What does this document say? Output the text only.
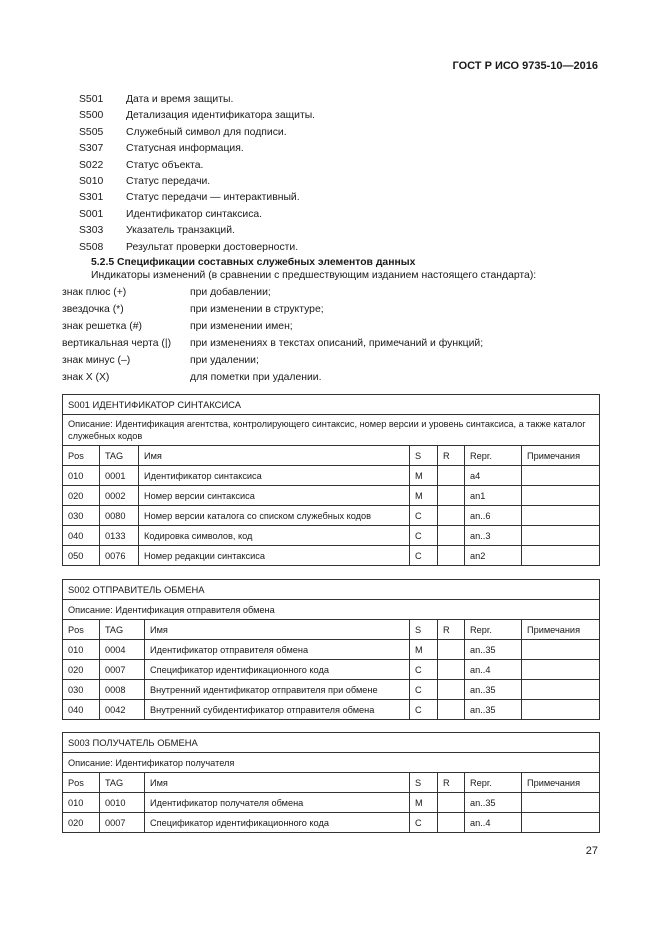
ГОСТ Р ИСО 9735-10—2016
S501 Дата и время защиты.
S500 Детализация идентификатора защиты.
S505 Служебный символ для подписи.
S307 Статусная информация.
S022 Статус объекта.
S010 Статус передачи.
S301 Статус передачи — интерактивный.
S001 Идентификатор синтаксиса.
S303 Указатель транзакций.
S508 Результат проверки достоверности.
5.2.5 Спецификации составных служебных элементов данных
Индикаторы изменений (в сравнении с предшествующим изданием настоящего стандарта):
знак плюс (+)	при добавлении;
звездочка (*)	при изменении в структуре;
знак решетка (#)	при изменении имен;
вертикальная черта (|) при изменениях в текстах описаний, примечаний и функций;
знак минус (–)	при удалении;
знак X (X)	для пометки при удалении.
S001 ИДЕНТИФИКАТОР СИНТАКСИСА						
Описание: Идентификация агентства, контролирующего синтаксис, номер версии и уровень синтаксиса, а также каталог служебных кодов						
Pos	TAG	Имя	S	R	Repr.	Примечания
010	0001	Идентификатор синтаксиса	M		a4	
020	0002	Номер версии синтаксиса	M		an1	
030	0080	Номер версии каталога со списком служебных кодов	C		an..6	
040	0133	Кодировка символов, код	C		an..3	
050	0076	Номер редакции синтаксиса	C		an2	
S002 ОТПРАВИТЕЛЬ ОБМЕНА						
Описание: Идентификация отправителя обмена						
Pos	TAG	Имя	S	R	Repr.	Примечания
010	0004	Идентификатор отправителя обмена	M		an..35	
020	0007	Спецификатор идентификационного кода	C		an..4	
030	0008	Внутренний идентификатор отправителя при обмене	C		an..35	
040	0042	Внутренний субидентификатор отправителя обмена	C		an..35	
S003 ПОЛУЧАТЕЛЬ ОБМЕНА						
Описание: Идентификатор получателя						
Pos	TAG	Имя	S	R	Repr.	Примечания
010	0010	Идентификатор получателя обмена	M		an..35	
020	0007	Спецификатор идентификационного кода	C		an..4	
27
